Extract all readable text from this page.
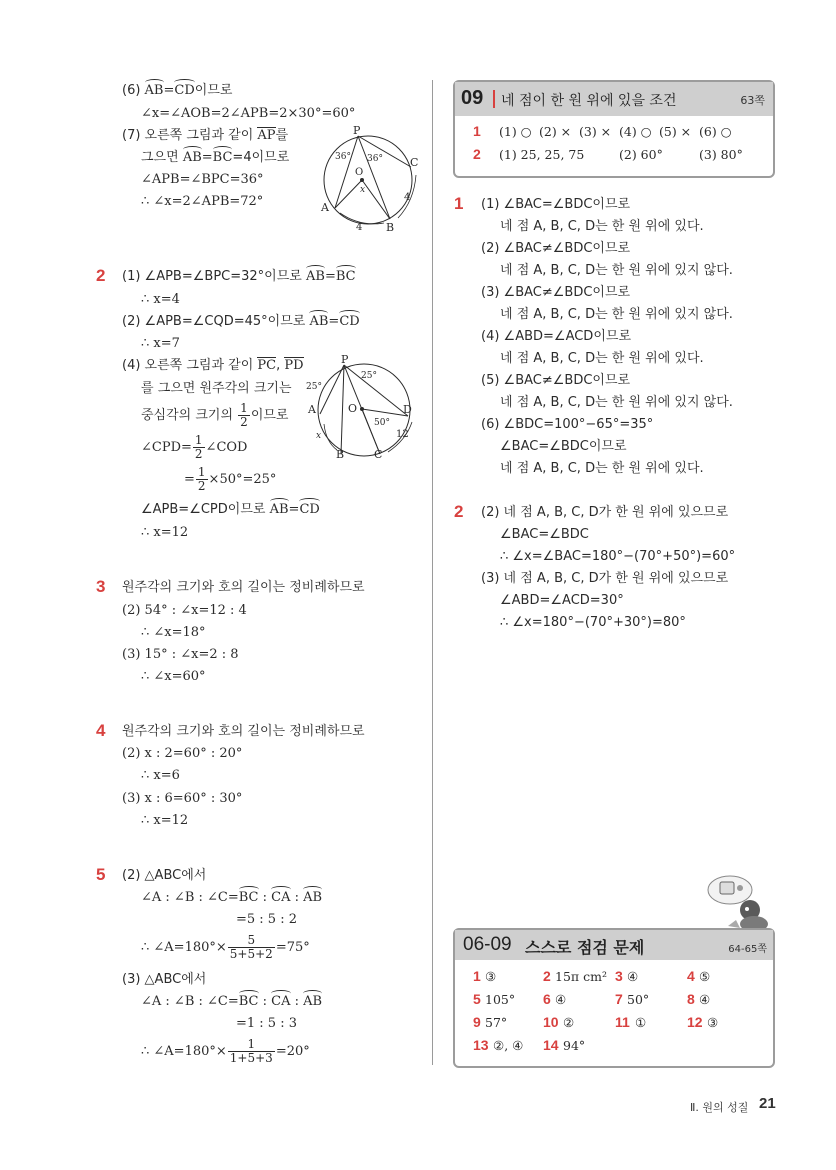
(6) AB=CD이므로
∠x=∠AOB=2∠APB=2×30°=60°
(7) 오른쪽 그림과 같이 AP를
그으면 AB=BC=4이므로
∠APB=∠BPC=36°
∴ ∠x=2∠APB=72°
P
C
A
B
O
x
36° 36°
4
4
2 (1) ∠APB=∠BPC=32°이므로 AB=BC
∴ x=4
(2) ∠APB=∠CQD=45°이므로 AB=CD
∴ x=7
(4) 오른쪽 그림과 같이 PC, PD
를 그으면 원주각의 크기는
중심각의 크기의 $\frac{1}{2}$ 이므로
∠CPD= $\frac{1}{2}$ ∠COD
= $\frac{1}{2} \times 50^\circ=25^\circ$
∠APB=∠CPD이므로 AB=CD
∴ x=12
P
A
B	C
D
O
x
25°
25°
50°
12
3 원주각의 크기와 호의 길이는 정비례하므로
(2) 54° : ∠x=12 : 4
∴ ∠x=18°
(3) 15° : ∠x=2 : 8
∴ ∠x=60°
4 원주각의 크기와 호의 길이는 정비례하므로
(2) x : 2=60° : 20°
∴ x=6
(3) x : 6=60° : 30°
∴ x=12
5 (2) △ABC에서
∠A : ∠B : ∠C=BC : CA : AB
=5 : 5 : 2
∴ ∠A=180°× $\frac{5}{5+5+2} =75^\circ$
(3) △ABC에서
∠A : ∠B : ∠C=BC : CA : AB
=1 : 5 : 3
∴ ∠A=180°× $\frac{1}{1+5+3} =20^\circ$
09 네 점이 한 원 위에 있을 조건	63쪽
1 (1) ○ (2) × (3) × (4) ○ (5) × (6) ○
2 (1) 25, 25, 75	(2) 60°	(3) 80°
1 (1) ∠BAC=∠BDC이므로
네 점 A, B, C, D는 한 원 위에 있다.
(2) ∠BAC≠∠BDC이므로
네 점 A, B, C, D는 한 원 위에 있지 않다.
(3) ∠BAC≠∠BDC이므로
네 점 A, B, C, D는 한 원 위에 있지 않다.
(4) ∠ABD=∠ACD이므로
네 점 A, B, C, D는 한 원 위에 있다.
(5) ∠BAC≠∠BDC이므로
네 점 A, B, C, D는 한 원 위에 있지 않다.
(6) ∠BDC=100°−65°=35°
∠BAC=∠BDC이므로
네 점 A, B, C, D는 한 원 위에 있다.
2 (2) 네 점 A, B, C, D가 한 원 위에 있으므로
∠BAC=∠BDC
∴ ∠x=∠BAC=180°−(70°+50°)=60°
(3) 네 점 A, B, C, D가 한 원 위에 있으므로
∠ABD=∠ACD=30°
∴ ∠x=180°−(70°+30°)=80°
06-09 스스로 점검 문제	64-65쪽
1 ③	2 15π cm² 3 ④	4 ⑤
5 105° 6 ④	7 50°	8 ④
9 57°	10 ②	11 ①	12 ③
13 ②, ④ 14 94°
Ⅱ. 원의 성질 21
